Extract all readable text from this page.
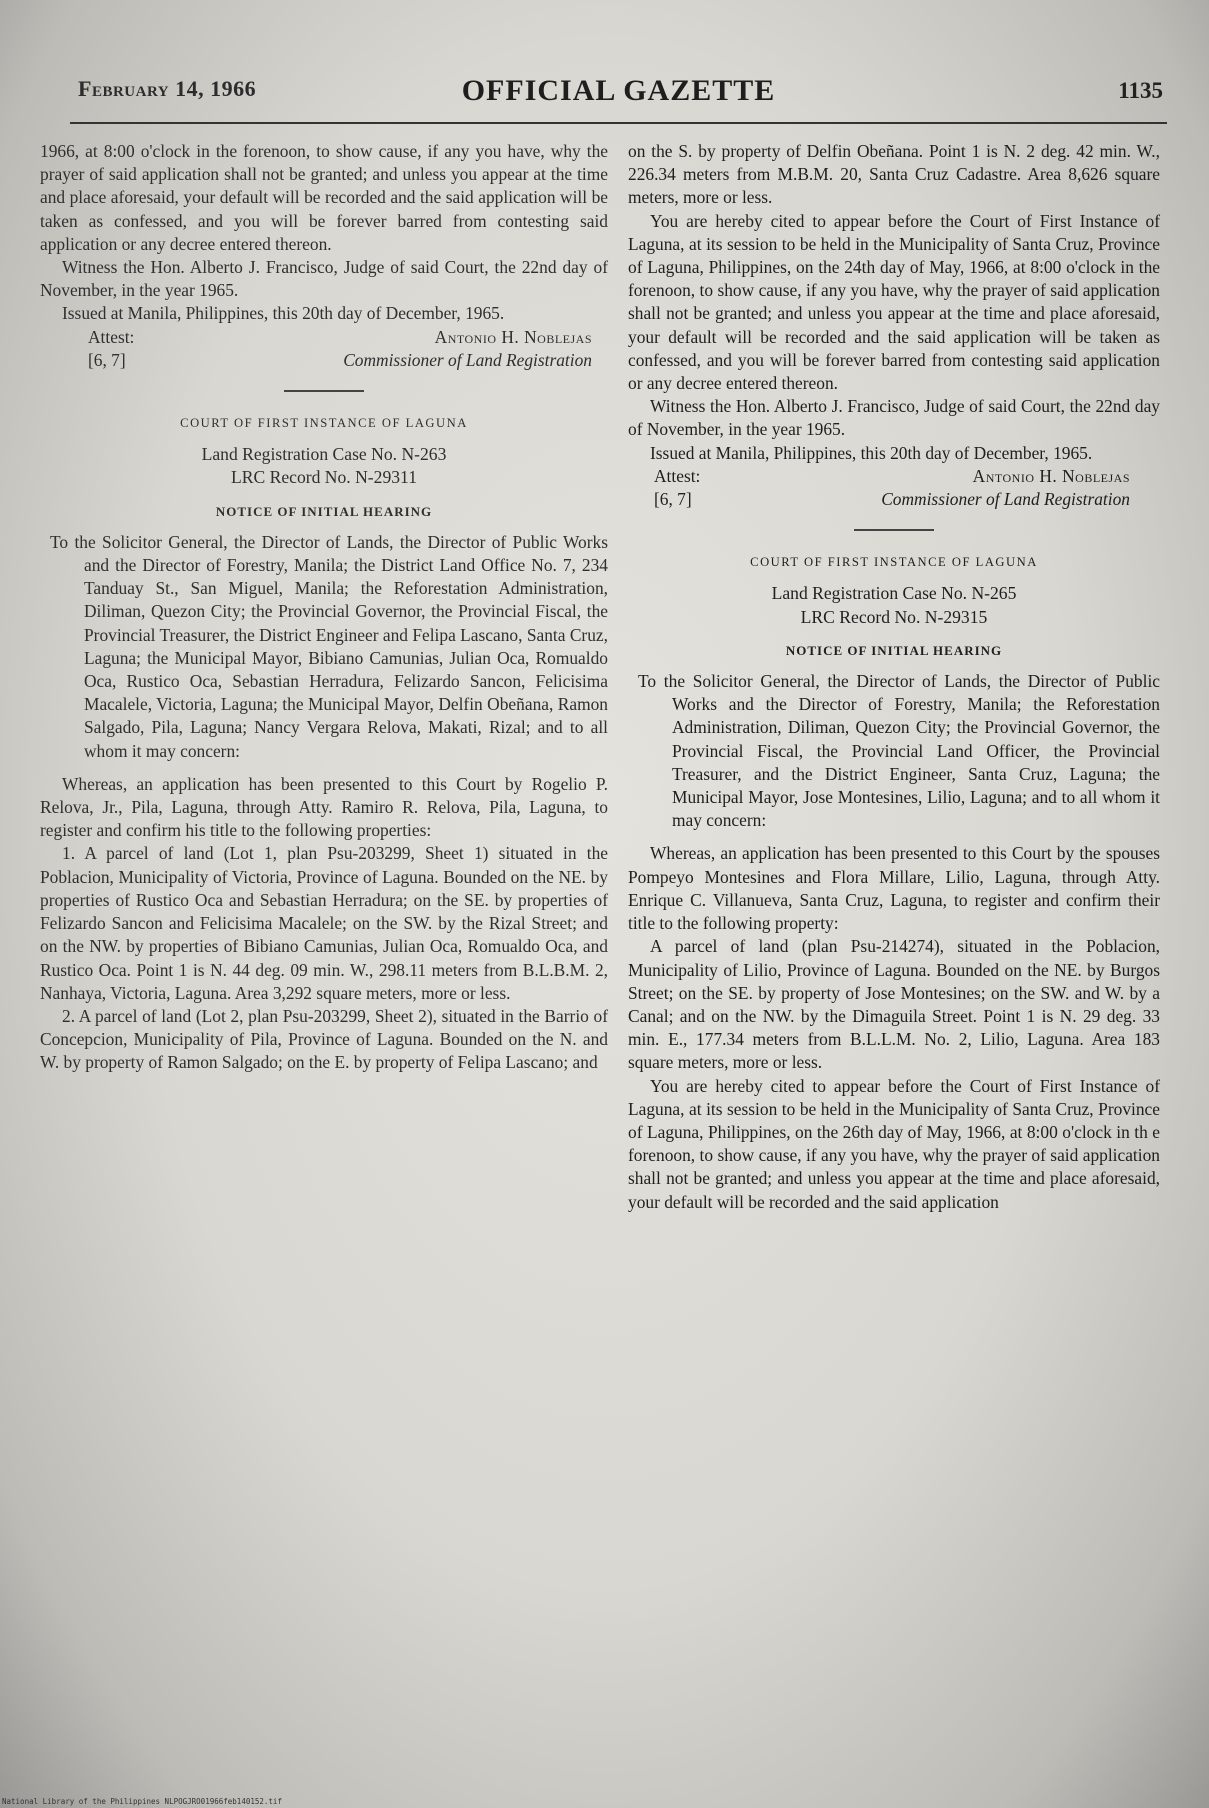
February 14, 1966	OFFICIAL GAZETTE	1135

1966, at 8:00 o'clock in the forenoon, to show cause, if any you have, why the prayer of said application shall not be granted; and unless you appear at the time and place aforesaid, your default will be recorded and the said application will be taken as confessed, and you will be forever barred from contesting said application or any decree entered thereon.

Witness the Hon. Alberto J. Francisco, Judge of said Court, the 22nd day of November, in the year 1965.

Issued at Manila, Philippines, this 20th day of December, 1965.

Attest:	Antonio H. Noblejas
[6, 7]	Commissioner of Land Registration
COURT OF FIRST INSTANCE OF LAGUNA
Land Registration Case No. N-263
LRC Record No. N-29311
NOTICE OF INITIAL HEARING

To the Solicitor General, the Director of Lands, the Director of Public Works and the Director of Forestry, Manila; the District Land Office No. 7, 234 Tanduay St., San Miguel, Manila; the Reforestation Administration, Diliman, Quezon City; the Provincial Governor, the Provincial Fiscal, the Provincial Treasurer, the District Engineer and Felipa Lascano, Santa Cruz, Laguna; the Municipal Mayor, Bibiano Camunias, Julian Oca, Romualdo Oca, Rustico Oca, Sebastian Herradura, Felizardo Sancon, Felicisima Macalele, Victoria, Laguna; the Municipal Mayor, Delfin Obeñana, Ramon Salgado, Pila, Laguna; Nancy Vergara Relova, Makati, Rizal; and to all whom it may concern:

Whereas, an application has been presented to this Court by Rogelio P. Relova, Jr., Pila, Laguna, through Atty. Ramiro R. Relova, Pila, Laguna, to register and confirm his title to the following properties:

1. A parcel of land (Lot 1, plan Psu-203299, Sheet 1) situated in the Poblacion, Municipality of Victoria, Province of Laguna. Bounded on the NE. by properties of Rustico Oca and Sebastian Herradura; on the SE. by properties of Felizardo Sancon and Felicisima Macalele; on the SW. by the Rizal Street; and on the NW. by properties of Bibiano Camunias, Julian Oca, Romualdo Oca, and Rustico Oca. Point 1 is N. 44 deg. 09 min. W., 298.11 meters from B.L.B.M. 2, Nanhaya, Victoria, Laguna. Area 3,292 square meters, more or less.

2. A parcel of land (Lot 2, plan Psu-203299, Sheet 2), situated in the Barrio of Concepcion, Municipality of Pila, Province of Laguna. Bounded on the N. and W. by property of Ramon Salgado; on the E. by property of Felipa Lascano; and

on the S. by property of Delfin Obeñana. Point 1 is N. 2 deg. 42 min. W., 226.34 meters from M.B.M. 20, Santa Cruz Cadastre. Area 8,626 square meters, more or less.

You are hereby cited to appear before the Court of First Instance of Laguna, at its session to be held in the Municipality of Santa Cruz, Province of Laguna, Philippines, on the 24th day of May, 1966, at 8:00 o'clock in the forenoon, to show cause, if any you have, why the prayer of said application shall not be granted; and unless you appear at the time and place aforesaid, your default will be recorded and the said application will be taken as confessed, and you will be forever barred from contesting said application or any decree entered thereon.

Witness the Hon. Alberto J. Francisco, Judge of said Court, the 22nd day of November, in the year 1965.

Issued at Manila, Philippines, this 20th day of December, 1965.

Attest:	Antonio H. Noblejas
[6, 7]	Commissioner of Land Registration
COURT OF FIRST INSTANCE OF LAGUNA
Land Registration Case No. N-265
LRC Record No. N-29315
NOTICE OF INITIAL HEARING

To the Solicitor General, the Director of Lands, the Director of Public Works and the Director of Forestry, Manila; the Reforestation Administration, Diliman, Quezon City; the Provincial Governor, the Provincial Fiscal, the Provincial Land Officer, the Provincial Treasurer, and the District Engineer, Santa Cruz, Laguna; the Municipal Mayor, Jose Montesines, Lilio, Laguna; and to all whom it may concern:

Whereas, an application has been presented to this Court by the spouses Pompeyo Montesines and Flora Millare, Lilio, Laguna, through Atty. Enrique C. Villanueva, Santa Cruz, Laguna, to register and confirm their title to the following property:

A parcel of land (plan Psu-214274), situated in the Poblacion, Municipality of Lilio, Province of Laguna. Bounded on the NE. by Burgos Street; on the SE. by property of Jose Montesines; on the SW. and W. by a Canal; and on the NW. by the Dimaguila Street. Point 1 is N. 29 deg. 33 min. E., 177.34 meters from B.L.L.M. No. 2, Lilio, Laguna. Area 183 square meters, more or less.

You are hereby cited to appear before the Court of First Instance of Laguna, at its session to be held in the Municipality of Santa Cruz, Province of Laguna, Philippines, on the 26th day of May, 1966, at 8:00 o'clock in th e forenoon, to show cause, if any you have, why the prayer of said application shall not be granted; and unless you appear at the time and place aforesaid, your default will be recorded and the said application

National Library of the Philippines NLPOGJRO01966feb140152.tif
